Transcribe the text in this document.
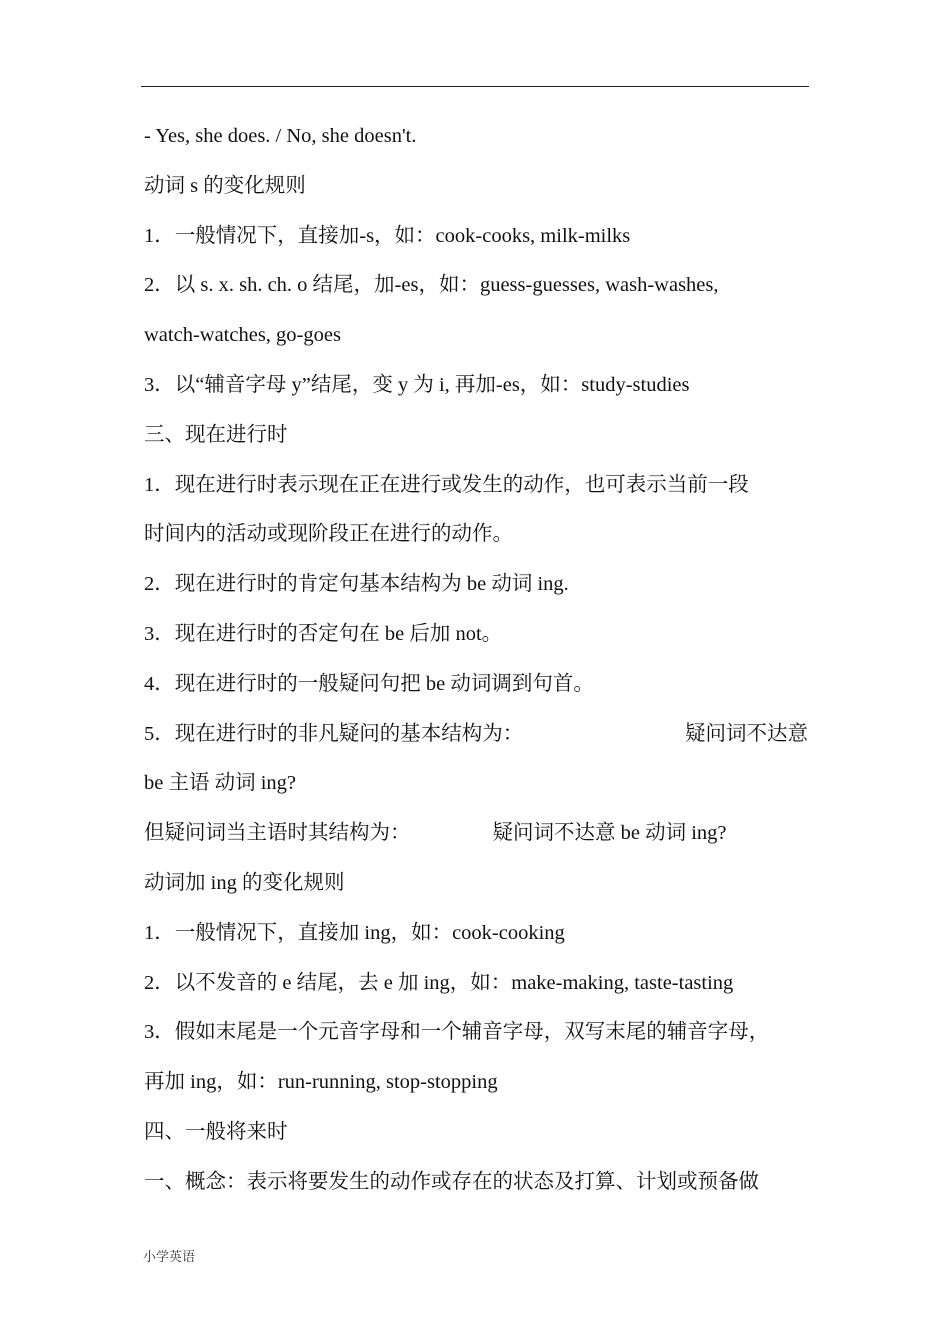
- Yes, she does. / No, she doesn't.
动词 s 的变化规则
1．一般情况下，直接加-s，如：cook-cooks, milk-milks
2．以 s. x. sh. ch. o 结尾，加-es，如：guess-guesses, wash-washes,
watch-watches, go-goes
3．以“辅音字母 y”结尾，变 y 为 i, 再加-es，如：study-studies
三、现在进行时
1．现在进行时表示现在正在进行或发生的动作，也可表示当前一段
时间内的活动或现阶段正在进行的动作。
2．现在进行时的肯定句基本结构为 be 动词 ing.
3．现在进行时的否定句在 be 后加 not。
4．现在进行时的一般疑问句把 be 动词调到句首。
5．现在进行时的非凡疑问的基本结构为：	疑问词不达意
be 主语 动词 ing?
但疑问词当主语时其结构为：	疑问词不达意 be 动词 ing?
动词加 ing 的变化规则
1．一般情况下，直接加 ing，如：cook-cooking
2．以不发音的 e 结尾，去 e 加 ing，如：make-making, taste-tasting
3．假如末尾是一个元音字母和一个辅音字母，双写末尾的辅音字母，
再加 ing，如：run-running, stop-stopping
四、一般将来时
一、概念：表示将要发生的动作或存在的状态及打算、计划或预备做
小学英语
